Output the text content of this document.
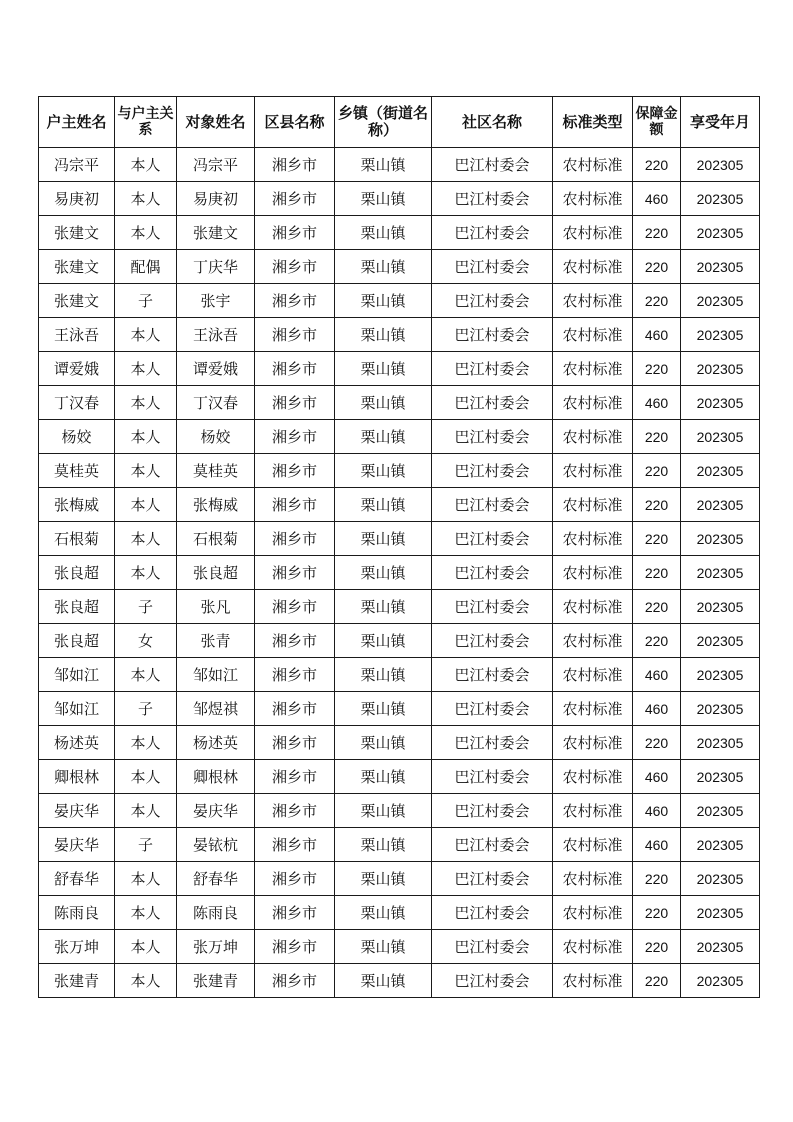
户主姓名	与户主关系	对象姓名	区县名称	乡镇（街道名称）	社区名称	标准类型	保障金额	享受年月
冯宗平	本人	冯宗平	湘乡市	栗山镇	巴江村委会	农村标准	220	202305
易庚初	本人	易庚初	湘乡市	栗山镇	巴江村委会	农村标准	460	202305
张建文	本人	张建文	湘乡市	栗山镇	巴江村委会	农村标准	220	202305
张建文	配偶	丁庆华	湘乡市	栗山镇	巴江村委会	农村标准	220	202305
张建文	子	张宇	湘乡市	栗山镇	巴江村委会	农村标准	220	202305
王泳吾	本人	王泳吾	湘乡市	栗山镇	巴江村委会	农村标准	460	202305
谭爱娥	本人	谭爱娥	湘乡市	栗山镇	巴江村委会	农村标准	220	202305
丁汉春	本人	丁汉春	湘乡市	栗山镇	巴江村委会	农村标准	460	202305
杨姣	本人	杨姣	湘乡市	栗山镇	巴江村委会	农村标准	220	202305
莫桂英	本人	莫桂英	湘乡市	栗山镇	巴江村委会	农村标准	220	202305
张梅威	本人	张梅威	湘乡市	栗山镇	巴江村委会	农村标准	220	202305
石根菊	本人	石根菊	湘乡市	栗山镇	巴江村委会	农村标准	220	202305
张良超	本人	张良超	湘乡市	栗山镇	巴江村委会	农村标准	220	202305
张良超	子	张凡	湘乡市	栗山镇	巴江村委会	农村标准	220	202305
张良超	女	张青	湘乡市	栗山镇	巴江村委会	农村标准	220	202305
邹如江	本人	邹如江	湘乡市	栗山镇	巴江村委会	农村标准	460	202305
邹如江	子	邹煜祺	湘乡市	栗山镇	巴江村委会	农村标准	460	202305
杨述英	本人	杨述英	湘乡市	栗山镇	巴江村委会	农村标准	220	202305
卿根林	本人	卿根林	湘乡市	栗山镇	巴江村委会	农村标准	460	202305
晏庆华	本人	晏庆华	湘乡市	栗山镇	巴江村委会	农村标准	460	202305
晏庆华	子	晏铱杭	湘乡市	栗山镇	巴江村委会	农村标准	460	202305
舒春华	本人	舒春华	湘乡市	栗山镇	巴江村委会	农村标准	220	202305
陈雨良	本人	陈雨良	湘乡市	栗山镇	巴江村委会	农村标准	220	202305
张万坤	本人	张万坤	湘乡市	栗山镇	巴江村委会	农村标准	220	202305
张建青	本人	张建青	湘乡市	栗山镇	巴江村委会	农村标准	220	202305
